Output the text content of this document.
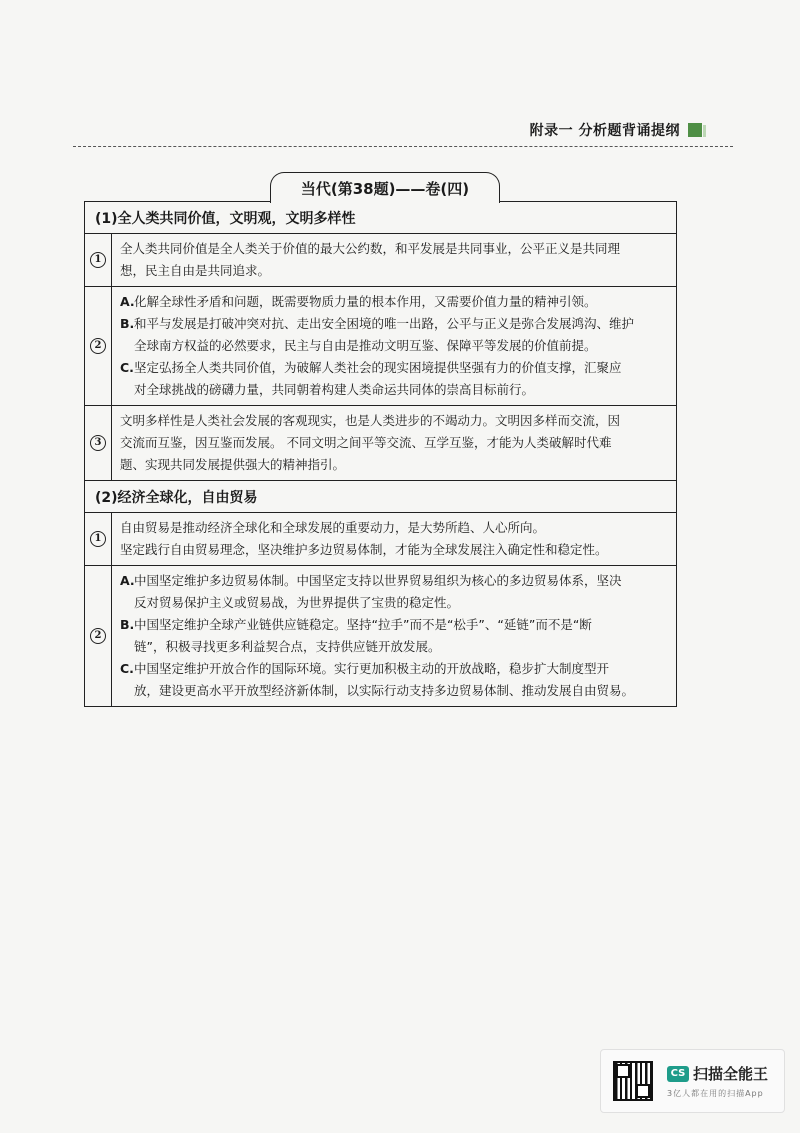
附录一 分析题背诵提纲
当代(第38题)——卷(四)
(1)全人类共同价值，文明观，文明多样性
1
全人类共同价值是全人类关于价值的最大公约数，和平发展是共同事业，公平正义是共同理
想，民主自由是共同追求。
2
A. 化解全球性矛盾和问题，既需要物质力量的根本作用，又需要价值力量的精神引领。
B. 和平与发展是打破冲突对抗、走出安全困境的唯一出路，公平与正义是弥合发展鸿沟、维护
全球南方权益的必然要求，民主与自由是推动文明互鉴、保障平等发展的价值前提。
C. 坚定弘扬全人类共同价值，为破解人类社会的现实困境提供坚强有力的价值支撑，汇聚应
对全球挑战的磅礴力量，共同朝着构建人类命运共同体的崇高目标前行。
3
文明多样性是人类社会发展的客观现实，也是人类进步的不竭动力。文明因多样而交流，因
交流而互鉴，因互鉴而发展。 不同文明之间平等交流、互学互鉴，才能为人类破解时代难
题、实现共同发展提供强大的精神指引。
(2)经济全球化，自由贸易
1
自由贸易是推动经济全球化和全球发展的重要动力，是大势所趋、人心所向。
坚定践行自由贸易理念，坚决维护多边贸易体制，才能为全球发展注入确定性和稳定性。
2
A. 中国坚定维护多边贸易体制。中国坚定支持以世界贸易组织为核心的多边贸易体系，坚决
反对贸易保护主义或贸易战，为世界提供了宝贵的稳定性。
B. 中国坚定维护全球产业链供应链稳定。坚持“拉手”而不是“松手”、“延链”而不是“断
链”，积极寻找更多利益契合点，支持供应链开放发展。
C. 中国坚定维护开放合作的国际环境。实行更加积极主动的开放战略，稳步扩大制度型开
放，建设更高水平开放型经济新体制，以实际行动支持多边贸易体制、推动发展自由贸易。
CS 扫描全能王
3亿人都在用的扫描App
